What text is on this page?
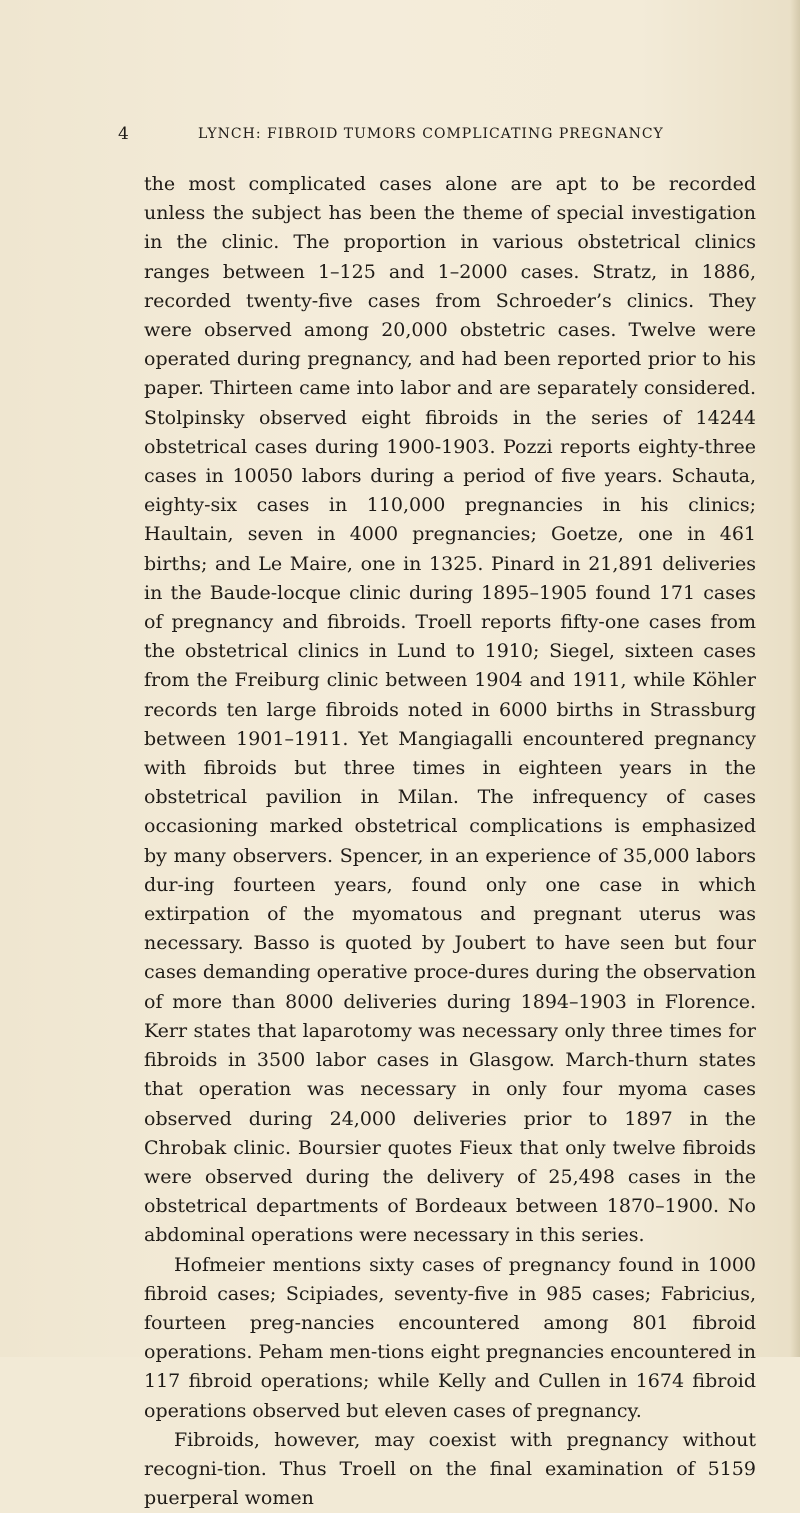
4	LYNCH: FIBROID TUMORS COMPLICATING PREGNANCY

the most complicated cases alone are apt to be recorded unless the subject has been the theme of special investigation in the clinic. The proportion in various obstetrical clinics ranges between 1–125 and 1–2000 cases. Stratz, in 1886, recorded twenty-five cases from Schroeder’s clinics. They were observed among 20,000 obstetric cases. Twelve were operated during pregnancy, and had been reported prior to his paper. Thirteen came into labor and are separately considered. Stolpinsky observed eight fibroids in the series of 14244 obstetrical cases during 1900-1903. Pozzi reports eighty-three cases in 10050 labors during a period of five years. Schauta, eighty-six cases in 110,000 pregnancies in his clinics; Haultain, seven in 4000 pregnancies; Goetze, one in 461 births; and Le Maire, one in 1325. Pinard in 21,891 deliveries in the Baude-locque clinic during 1895–1905 found 171 cases of pregnancy and fibroids. Troell reports fifty-one cases from the obstetrical clinics in Lund to 1910; Siegel, sixteen cases from the Freiburg clinic between 1904 and 1911, while Köhler records ten large fibroids noted in 6000 births in Strassburg between 1901–1911. Yet Mangiagalli encountered pregnancy with fibroids but three times in eighteen years in the obstetrical pavilion in Milan. The infrequency of cases occasioning marked obstetrical complications is emphasized by many observers. Spencer, in an experience of 35,000 labors dur-ing fourteen years, found only one case in which extirpation of the myomatous and pregnant uterus was necessary. Basso is quoted by Joubert to have seen but four cases demanding operative proce-dures during the observation of more than 8000 deliveries during 1894–1903 in Florence. Kerr states that laparotomy was necessary only three times for fibroids in 3500 labor cases in Glasgow. March-thurn states that operation was necessary in only four myoma cases observed during 24,000 deliveries prior to 1897 in the Chrobak clinic. Boursier quotes Fieux that only twelve fibroids were observed during the delivery of 25,498 cases in the obstetrical departments of Bordeaux between 1870–1900. No abdominal operations were necessary in this series.

Hofmeier mentions sixty cases of pregnancy found in 1000 fibroid cases; Scipiades, seventy-five in 985 cases; Fabricius, fourteen preg-nancies encountered among 801 fibroid operations. Peham men-tions eight pregnancies encountered in 117 fibroid operations; while Kelly and Cullen in 1674 fibroid operations observed but eleven cases of pregnancy.

Fibroids, however, may coexist with pregnancy without recogni-tion. Thus Troell on the final examination of 5159 puerperal women
